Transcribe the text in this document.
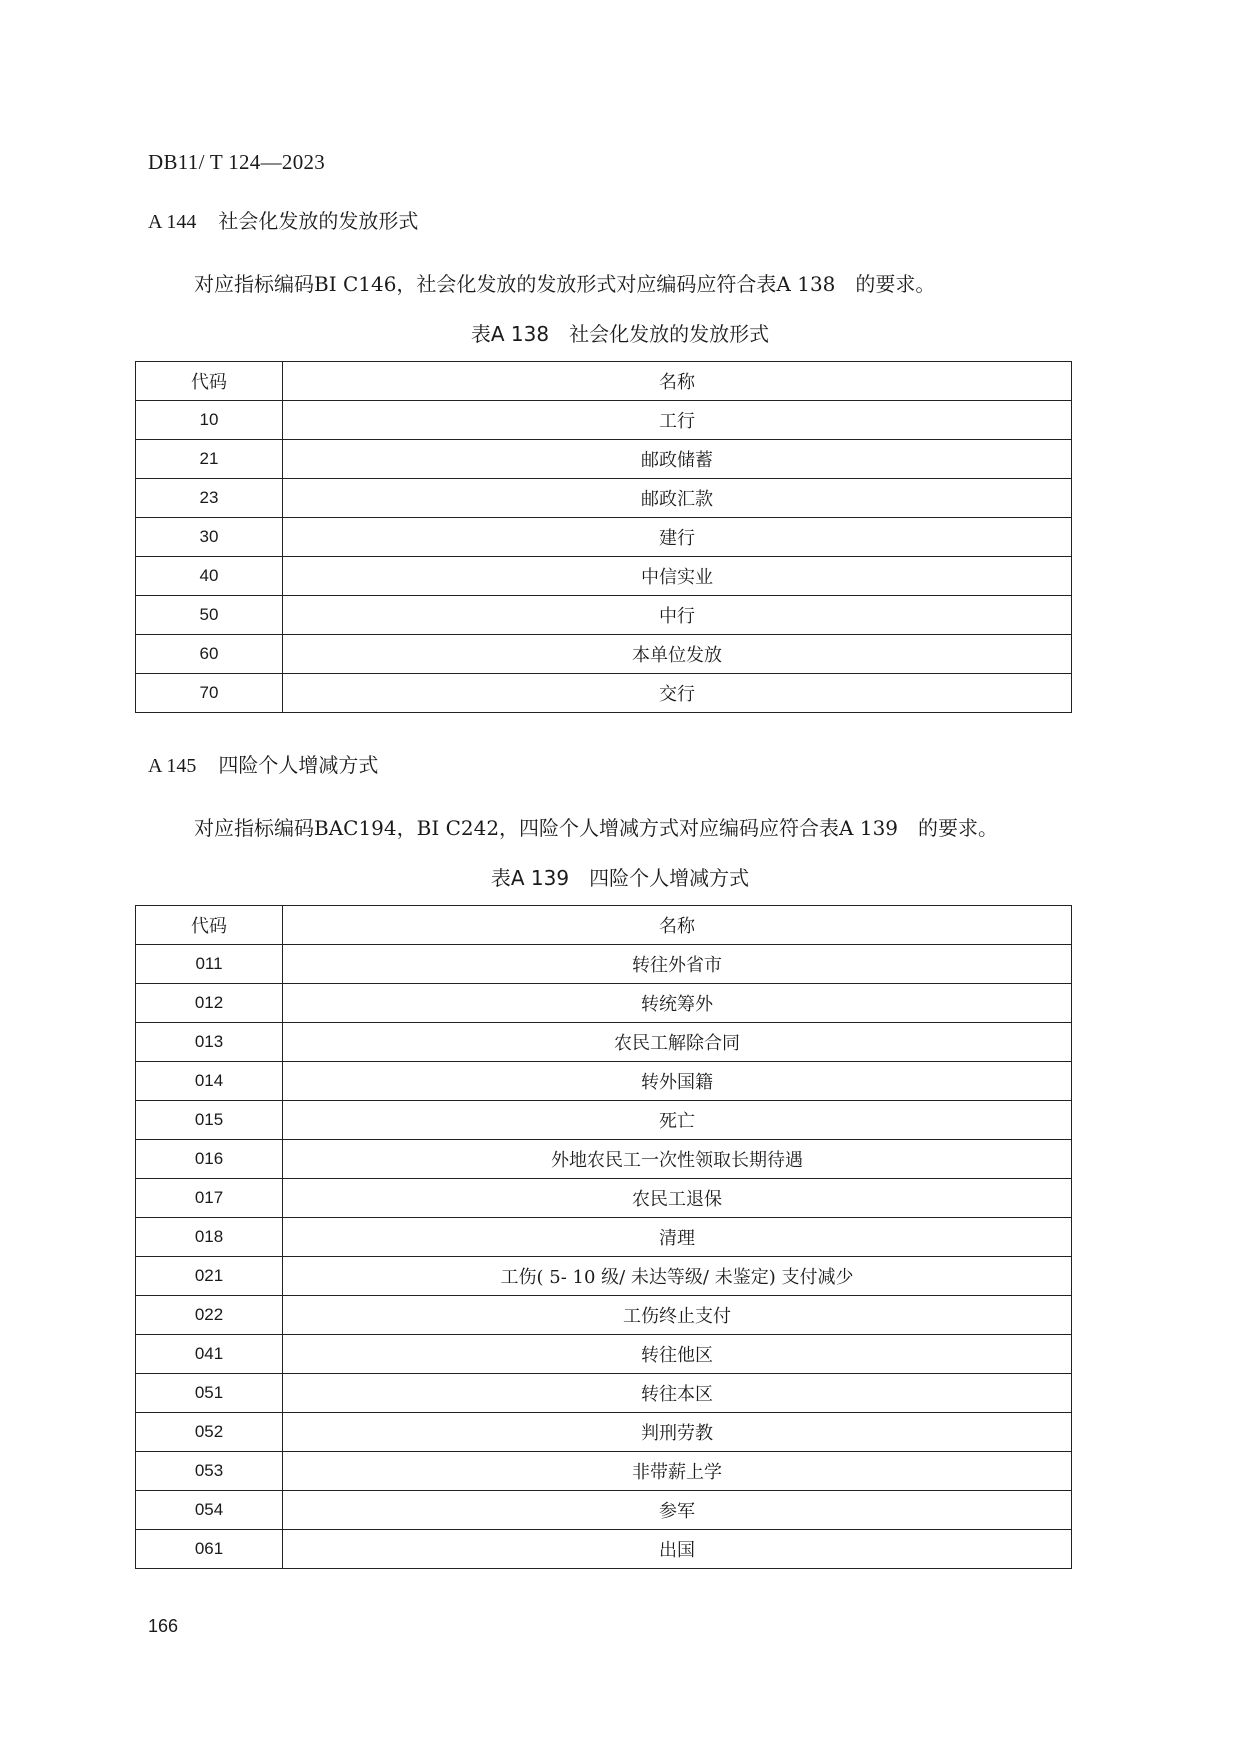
DB11/ T 124—2023
A 144 社会化发放的发放形式
对应指标编码BI C146，社会化发放的发放形式对应编码应符合表A 138　的要求。
表A 138　社会化发放的发放形式
代码	名称
10	工行
21	邮政储蓄
23	邮政汇款
30	建行
40	中信实业
50	中行
60	本单位发放
70	交行
A 145 四险个人增减方式
对应指标编码BAC194，BI C242，四险个人增减方式对应编码应符合表A 139　的要求。
表A 139　四险个人增减方式
代码	名称
011	转往外省市
012	转统筹外
013	农民工解除合同
014	转外国籍
015	死亡
016	外地农民工一次性领取长期待遇
017	农民工退保
018	清理
021	工伤( 5- 10 级/ 未达等级/ 未鉴定) 支付减少
022	工伤终止支付
041	转往他区
051	转往本区
052	判刑劳教
053	非带薪上学
054	参军
061	出国
166
